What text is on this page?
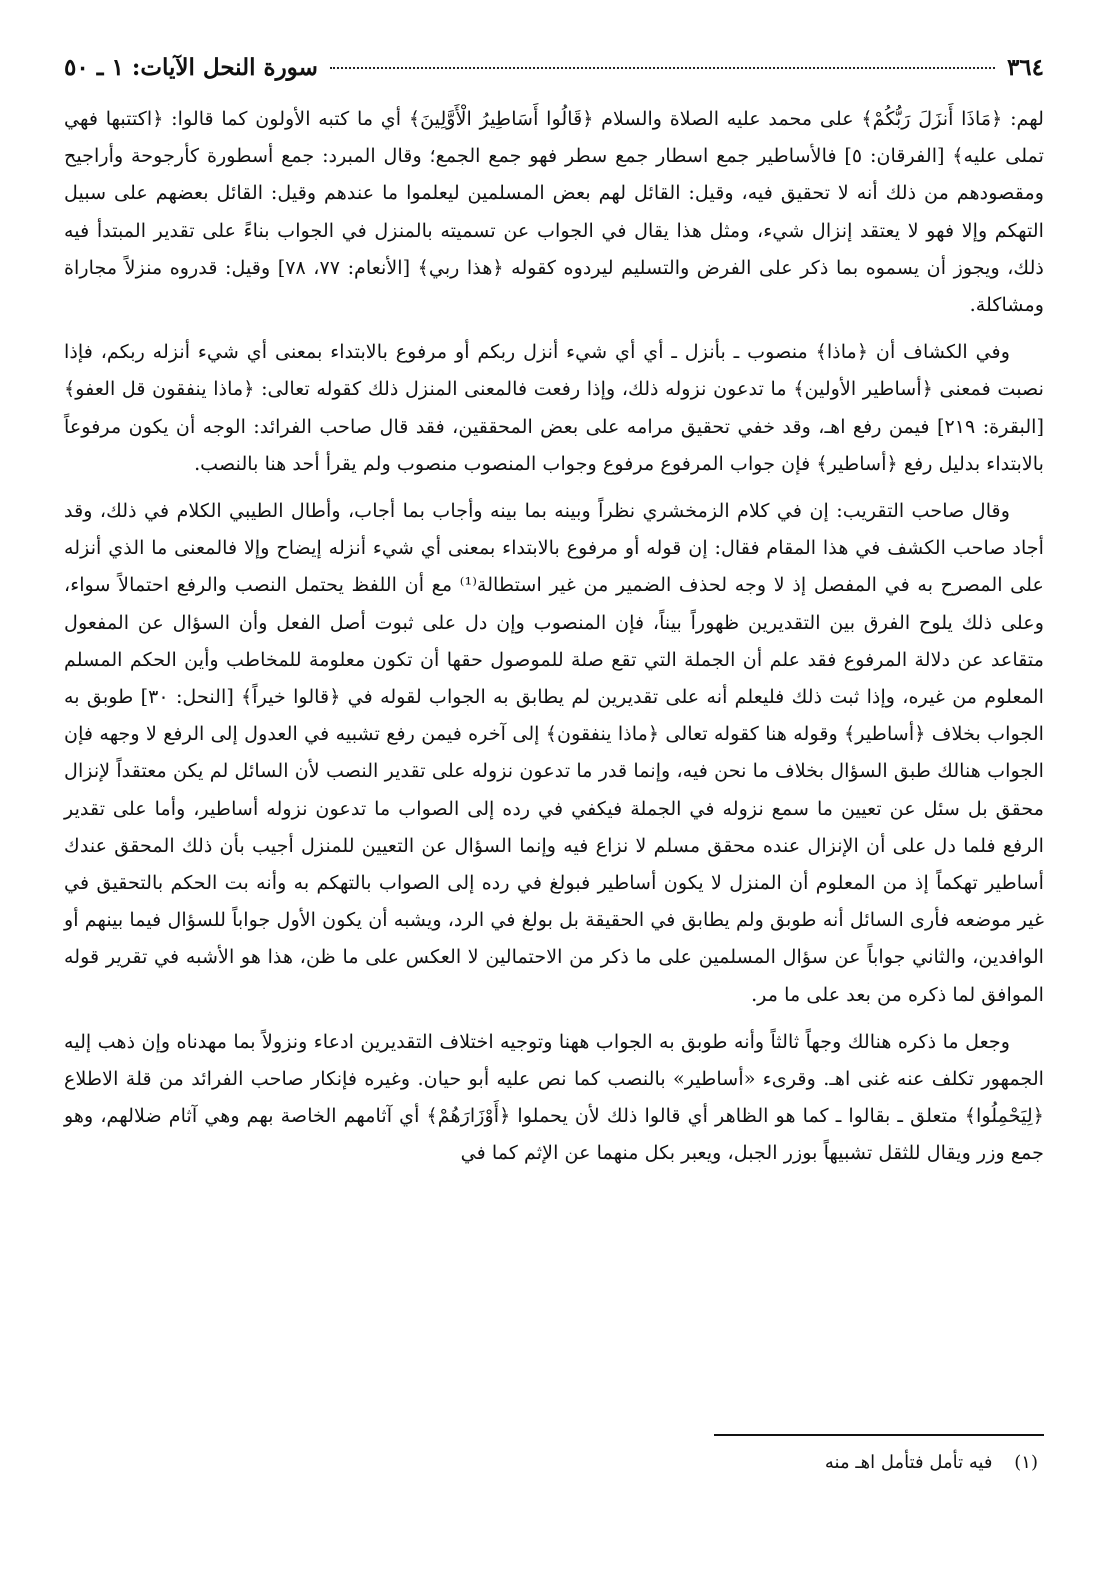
٣٦٤
سورة النحل الآيات: ١ ـ ٥٠

لهم: ﴿مَاذَا أَنزَلَ رَبُّكُمْ﴾ على محمد عليه الصلاة والسلام ﴿قَالُوا أَسَاطِيرُ الْأَوَّلِينَ﴾ أي ما كتبه الأولون كما قالوا: ﴿اكتتبها فهي تملى عليه﴾ [الفرقان: ٥] فالأساطير جمع اسطار جمع سطر فهو جمع الجمع؛ وقال المبرد: جمع أسطورة كأرجوحة وأراجيح ومقصودهم من ذلك أنه لا تحقيق فيه، وقيل: القائل لهم بعض المسلمين ليعلموا ما عندهم وقيل: القائل بعضهم على سبيل التهكم وإلا فهو لا يعتقد إنزال شيء، ومثل هذا يقال في الجواب عن تسميته بالمنزل في الجواب بناءً على تقدير المبتدأ فيه ذلك، ويجوز أن يسموه بما ذكر على الفرض والتسليم ليردوه كقوله ﴿هذا ربي﴾ [الأنعام: ٧٧، ٧٨] وقيل: قدروه منزلاً مجاراة ومشاكلة.

وفي الكشاف أن ﴿ماذا﴾ منصوب ـ بأنزل ـ أي أي شيء أنزل ربكم أو مرفوع بالابتداء بمعنى أي شيء أنزله ربكم، فإذا نصبت فمعنى ﴿أساطير الأولين﴾ ما تدعون نزوله ذلك، وإذا رفعت فالمعنى المنزل ذلك كقوله تعالى: ﴿ماذا ينفقون قل العفو﴾ [البقرة: ٢١٩] فيمن رفع اهـ، وقد خفي تحقيق مرامه على بعض المحققين، فقد قال صاحب الفرائد: الوجه أن يكون مرفوعاً بالابتداء بدليل رفع ﴿أساطير﴾ فإن جواب المرفوع مرفوع وجواب المنصوب منصوب ولم يقرأ أحد هنا بالنصب.

وقال صاحب التقريب: إن في كلام الزمخشري نظراً وبينه بما بينه وأجاب بما أجاب، وأطال الطيبي الكلام في ذلك، وقد أجاد صاحب الكشف في هذا المقام فقال: إن قوله أو مرفوع بالابتداء بمعنى أي شيء أنزله إيضاح وإلا فالمعنى ما الذي أنزله على المصرح به في المفصل إذ لا وجه لحذف الضمير من غير استطالة⁽¹⁾ مع أن اللفظ يحتمل النصب والرفع احتمالاً سواء، وعلى ذلك يلوح الفرق بين التقديرين ظهوراً بيناً، فإن المنصوب وإن دل على ثبوت أصل الفعل وأن السؤال عن المفعول متقاعد عن دلالة المرفوع فقد علم أن الجملة التي تقع صلة للموصول حقها أن تكون معلومة للمخاطب وأين الحكم المسلم المعلوم من غيره، وإذا ثبت ذلك فليعلم أنه على تقديرين لم يطابق به الجواب لقوله في ﴿قالوا خيراً﴾ [النحل: ٣٠] طوبق به الجواب بخلاف ﴿أساطير﴾ وقوله هنا كقوله تعالى ﴿ماذا ينفقون﴾ إلى آخره فيمن رفع تشبيه في العدول إلى الرفع لا وجهه فإن الجواب هنالك طبق السؤال بخلاف ما نحن فيه، وإنما قدر ما تدعون نزوله على تقدير النصب لأن السائل لم يكن معتقداً لإنزال محقق بل سئل عن تعيين ما سمع نزوله في الجملة فيكفي في رده إلى الصواب ما تدعون نزوله أساطير، وأما على تقدير الرفع فلما دل على أن الإنزال عنده محقق مسلم لا نزاع فيه وإنما السؤال عن التعيين للمنزل أجيب بأن ذلك المحقق عندك أساطير تهكماً إذ من المعلوم أن المنزل لا يكون أساطير فبولغ في رده إلى الصواب بالتهكم به وأنه بت الحكم بالتحقيق في غير موضعه فأرى السائل أنه طوبق ولم يطابق في الحقيقة بل بولغ في الرد، ويشبه أن يكون الأول جواباً للسؤال فيما بينهم أو الوافدين، والثاني جواباً عن سؤال المسلمين على ما ذكر من الاحتمالين لا العكس على ما ظن، هذا هو الأشبه في تقرير قوله الموافق لما ذكره من بعد على ما مر.

وجعل ما ذكره هنالك وجهاً ثالثاً وأنه طوبق به الجواب ههنا وتوجيه اختلاف التقديرين ادعاء ونزولاً بما مهدناه وإن ذهب إليه الجمهور تكلف عنه غنى اهـ. وقرىء «أساطير» بالنصب كما نص عليه أبو حيان. وغيره فإنكار صاحب الفرائد من قلة الاطلاع ﴿لِيَحْمِلُوا﴾ متعلق ـ بقالوا ـ كما هو الظاهر أي قالوا ذلك لأن يحملوا ﴿أَوْزَارَهُمْ﴾ أي آثامهم الخاصة بهم وهي آثام ضلالهم، وهو جمع وزر ويقال للثقل تشبيهاً بوزر الجبل، ويعبر بكل منهما عن الإثم كما في

(١) فيه تأمل فتأمل اهـ منه
